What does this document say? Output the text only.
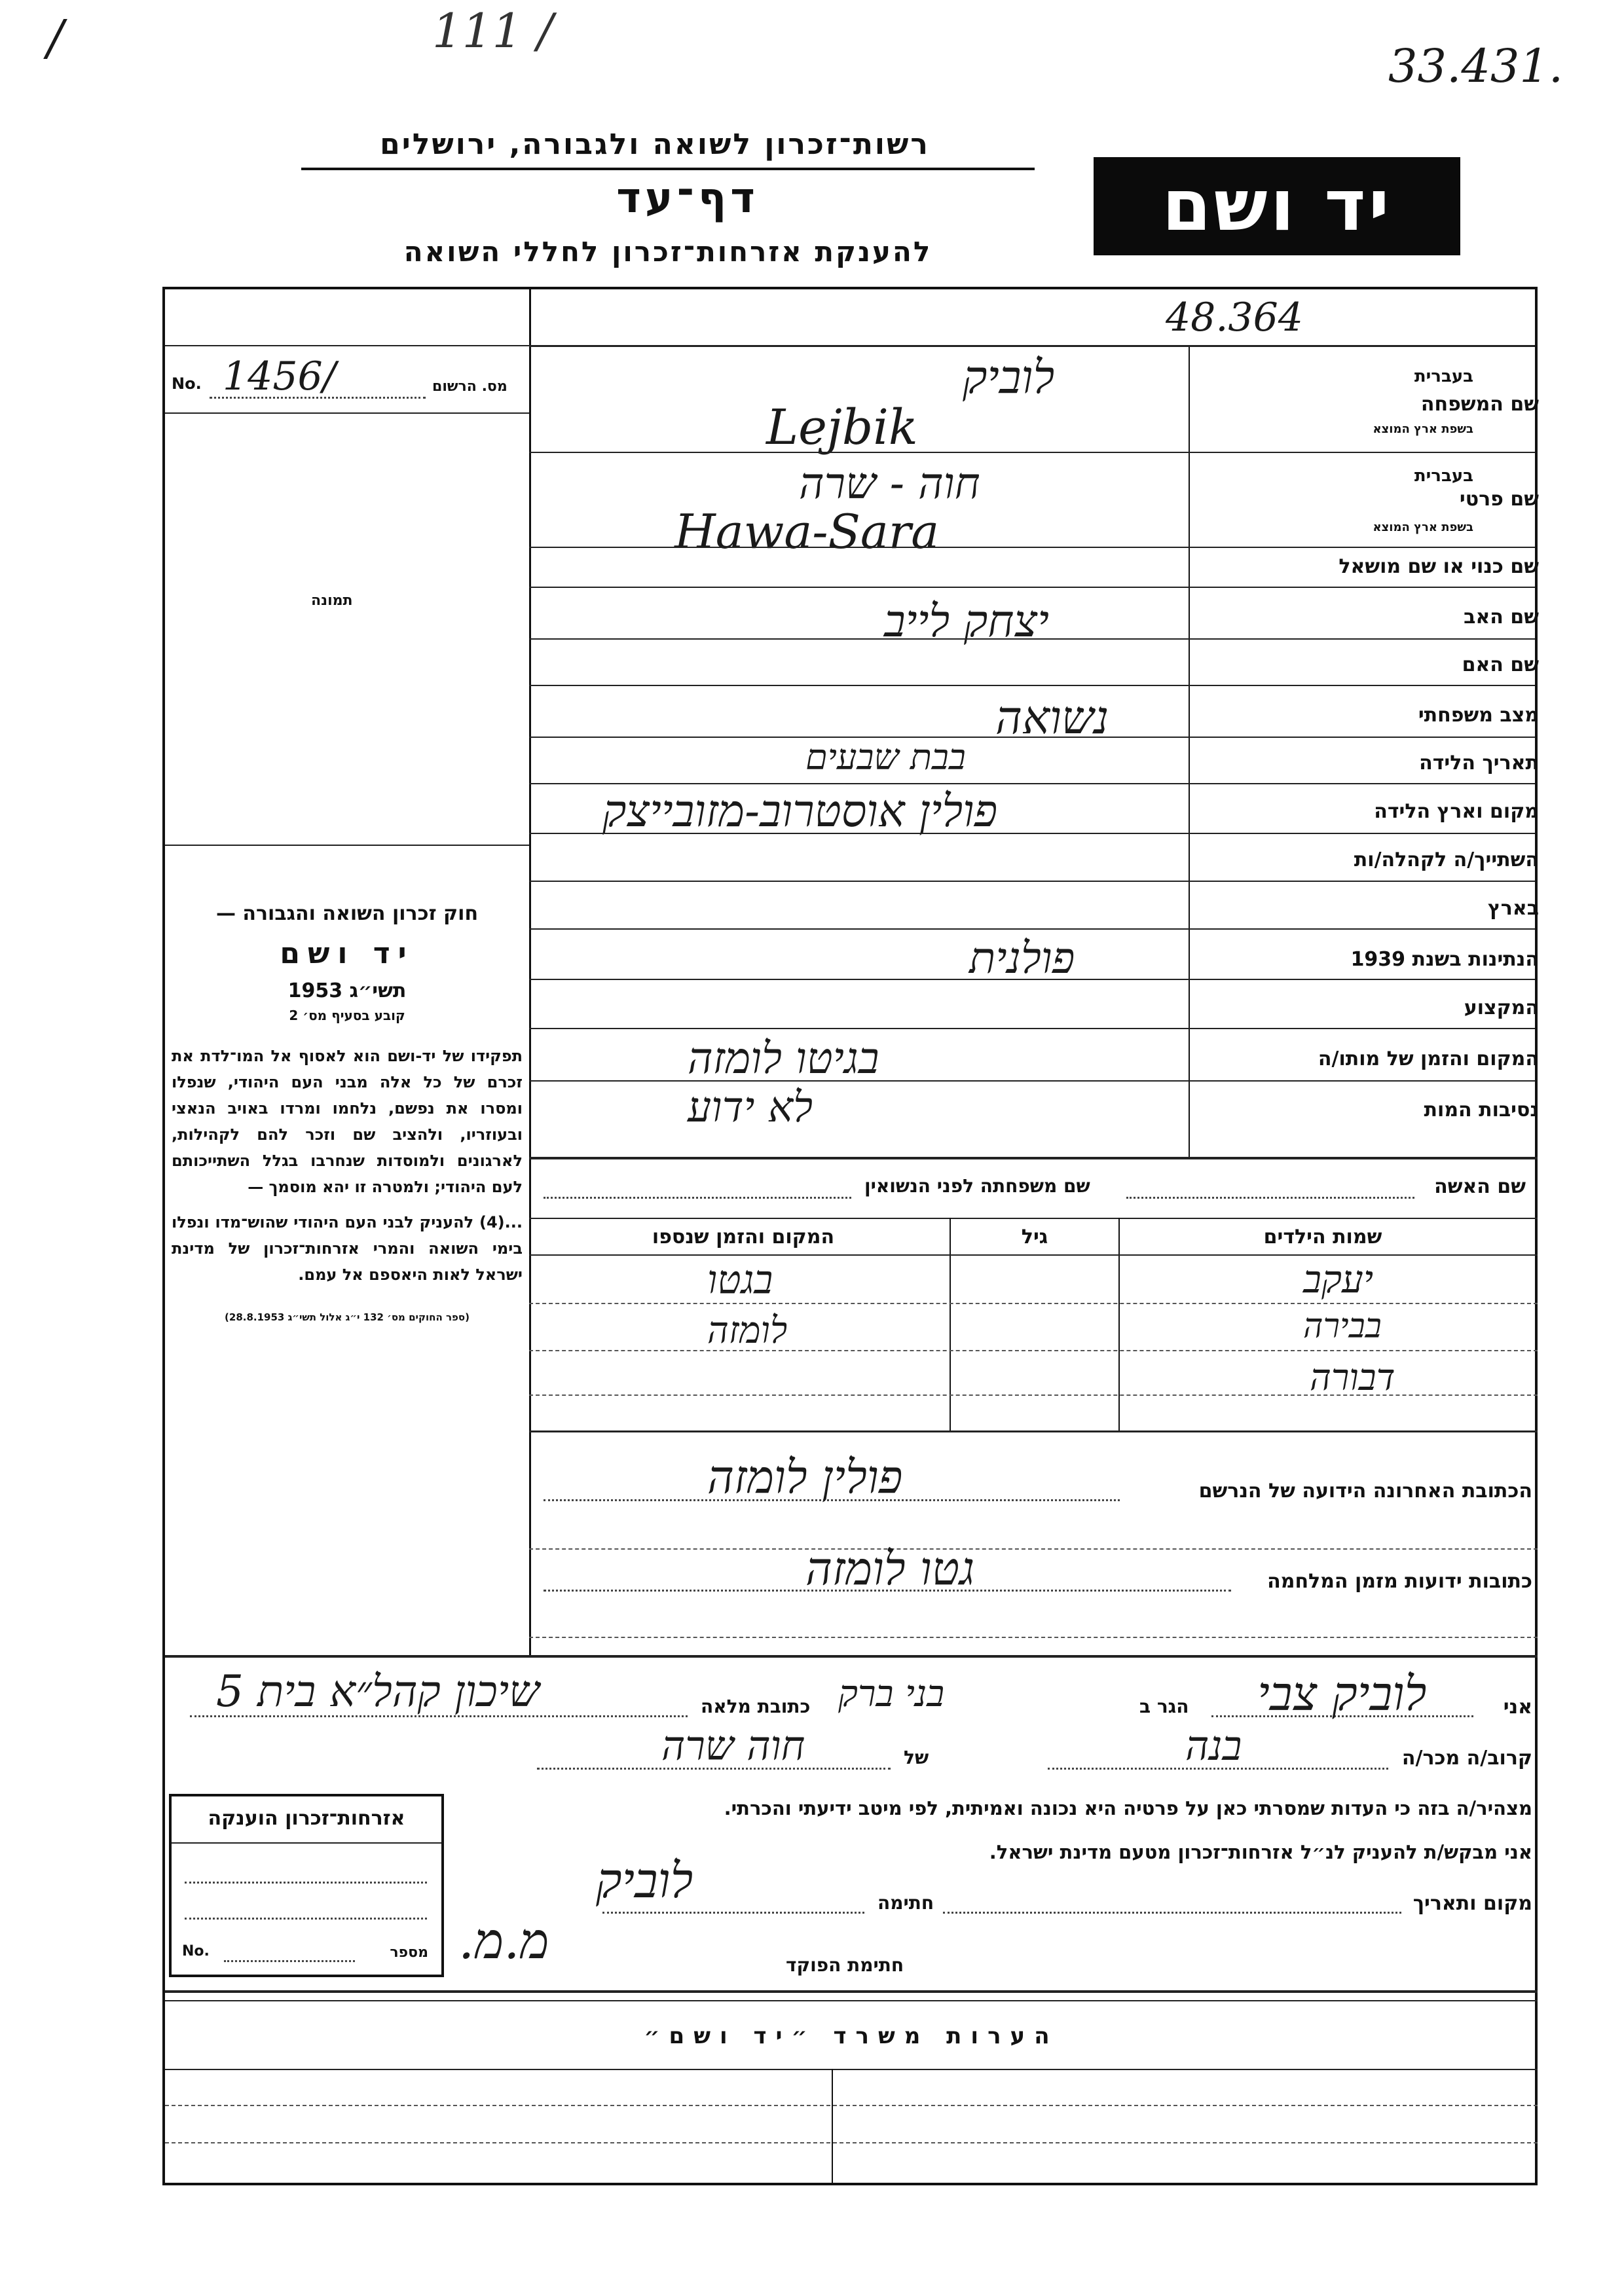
/	111 /
33.431.
רשות־זכרון לשואה ולגבורה, ירושלים
דף־עד
להענקת אזרחות־זכרון לחללי השואה
יד ושם
48.364
מס. הרשום
No. 1456/
תמונה
חוק זכרון השואה והגבורה —
יד ושם
תשי״ג 1953
קובע בסעיף מס׳ 2

תפקידו של יד-ושם הוא לאסוף אל המו־לדת את זכרם של כל אלה מבני העם היהודי, שנפלו ומסרו את נפשם, נלחמו ומרדו באויב הנאצי ובעוזריו, ולהציב שם וזכר להם לקהילות, לארגונים ולמוסדות שנחרבו בגלל השתייכותם לעם היהודי; ולמטרה זו יהא מוסמך —

...(4) להעניק לבני העם היהודי שהוש־מדו ונפלו בימי השואה והמרי אזרחות־זכרון של מדינת ישראל לאות היאספם אל עמם.

(ספר החוקים מס׳ 132 י״ג אלול תשי״ג 28.8.1953)

שם המשפחה
בעברית
בשפת ארץ המוצא
לוביק
Lejbik
שם פרטי
בעברית
בשפת ארץ המוצא
חוה - שרה
Hawa-Sara
שם כנוי או שם מושאל
שם האב
יצחק לייב
שם האם
מצב משפחתי
נשואה
תאריך הלידה
בבת שבעים
מקום וארץ הלידה
פולין אוסטרוב-מזובייצק
השתייך/ה לקהלה/ות
בארץ
הנתינות בשנת 1939
פולנית
המקצוע
המקום והזמן של מותו/ה
בגיטו לומזה
נסיבות המות
לא ידוע
שם האשה
שם משפחתה לפני הנשואין
שמות הילדים
גיל
המקום והזמן שנספו
יעקב
בגטו
בבירה
לומזה
דבורה
הכתובת האחרונה הידועה של הנרשם
פולין לומזה
כתובות ידועות מזמן המלחמה
גטו לומזה
אני
לוביק צבי
הגר ב
בני ברק
כתובת מלאה
שיכון קהל״א בית 5
קרוב/ה מכר/ה
בנה
של
חוה שרה
מצהיר/ה בזה כי העדות שמסרתי כאן על פרטיה היא נכונה ואמיתית, לפי מיטב ידיעתי והכרתי.
אני מבקש/ת להעניק לנ״ל אזרחות־זכרון מטעם מדינת ישראל.
מקום ותאריך
חתימה
לוביק
חתימת הפוקד
מ.מ.
אזרחות־זכרון הוענקה
מספר
No.
הערות משרד ״יד ושם״
